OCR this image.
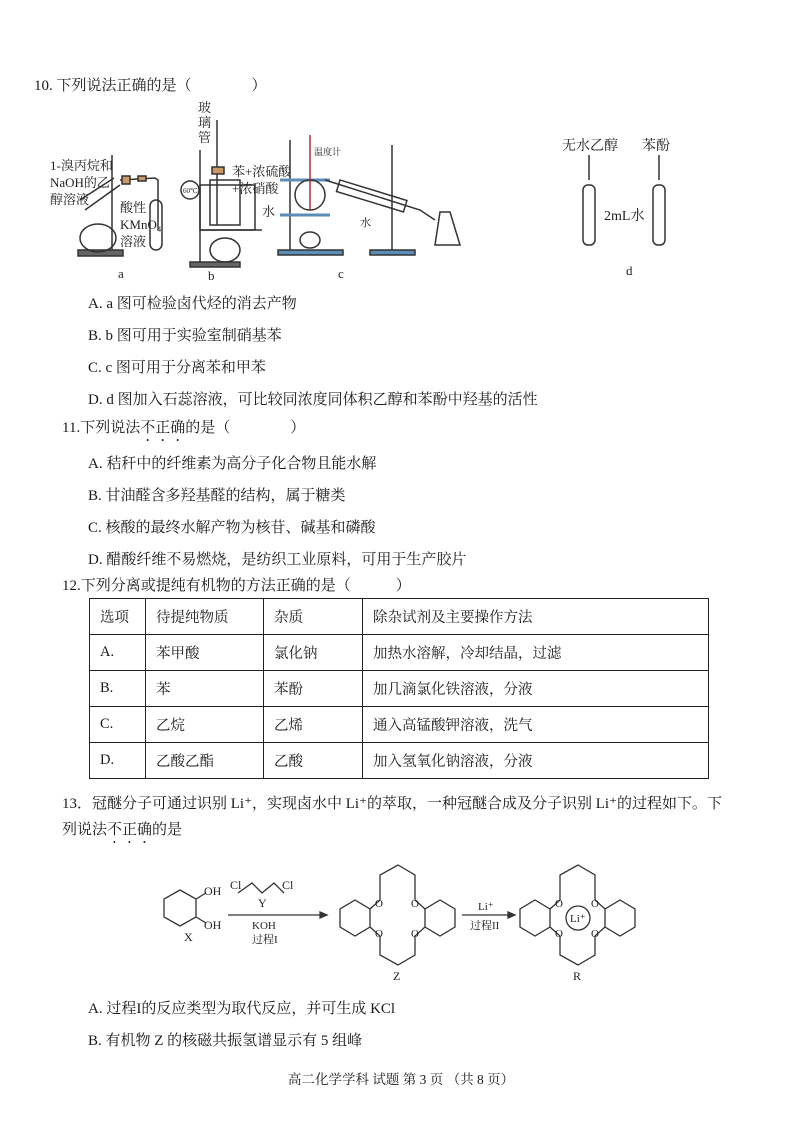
10. 下列说法正确的是（　　　　）
1-溴丙烷和
NaOH的乙
醇溶液
酸性
KMnO₄
溶液
a
60℃
玻
璃
管
苯+浓硫酸
+浓硝酸
水
b
温度计
水
c
无水乙醇 苯酚
2mL水
d
A. a 图可检验卤代烃的消去产物
B. b 图可用于实验室制硝基苯
C. c 图可用于分离苯和甲苯
D. d 图加入石蕊溶液，可比较同浓度同体积乙醇和苯酚中羟基的活性
11.下列说法不正确的是（　　　　）
A. 秸秆中的纤维素为高分子化合物且能水解
B. 甘油醛含多羟基醛的结构，属于糖类
C. 核酸的最终水解产物为核苷、碱基和磷酸
D. 醋酸纤维不易燃烧，是纺织工业原料，可用于生产胶片
12.下列分离或提纯有机物的方法正确的是（　　　）
选项	待提纯物质	杂质	除杂试剂及主要操作方法
A.	苯甲酸	氯化钠	加热水溶解，冷却结晶，过滤
B.	苯	苯酚	加几滴氯化铁溶液，分液
C.	乙烷	乙烯	通入高锰酸钾溶液，洗气
D.	乙酸乙酯	乙酸	加入氢氧化钠溶液，分液
13．冠醚分子可通过识别 Li⁺，实现卤水中 Li⁺的萃取，一种冠醚合成及分子识别 Li⁺的过程如下。下
列说法不正确的是
OH
OH
X
Cl	Cl
Y
KOH
过程I
O	O
O	O
Z
Li⁺
过程II
O	O
O	O
Li⁺
R
A. 过程I的反应类型为取代反应，并可生成 KCl
B. 有机物 Z 的核磁共振氢谱显示有 5 组峰
高二化学学科 试题 第 3 页 （共 8 页）
